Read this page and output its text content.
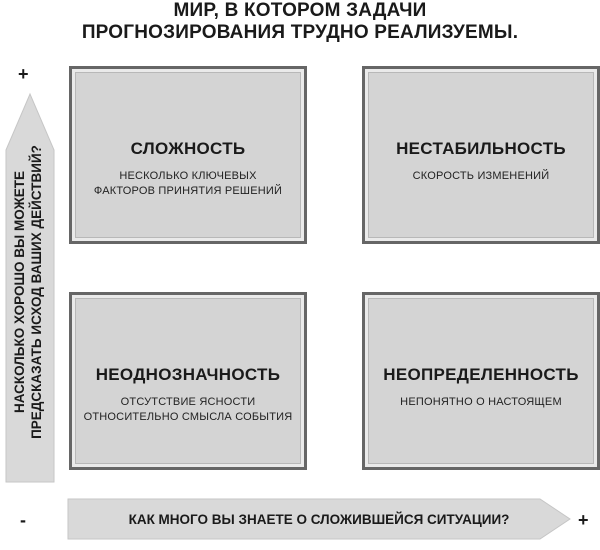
МИР, В КОТОРОМ ЗАДАЧИ
ПРОГНОЗИРОВАНИЯ ТРУДНО РЕАЛИЗУЕМЫ.
НАСКОЛЬКО ХОРОШО ВЫ МОЖЕТЕ ПРЕДСКАЗАТЬ ИСХОД ВАШИХ ДЕЙСТВИЙ?
+
КАК МНОГО ВЫ ЗНАЕТЕ О СЛОЖИВШЕЙСЯ СИТУАЦИИ?
-	+
СЛОЖНОСТЬ
НЕСКОЛЬКО КЛЮЧЕВЫХ
ФАКТОРОВ ПРИНЯТИЯ РЕШЕНИЙ
НЕСТАБИЛЬНОСТЬ
СКОРОСТЬ ИЗМЕНЕНИЙ
НЕОДНОЗНАЧНОСТЬ
ОТСУТСТВИЕ ЯСНОСТИ
ОТНОСИТЕЛЬНО СМЫСЛА СОБЫТИЯ
НЕОПРЕДЕЛЕННОСТЬ
НЕПОНЯТНО О НАСТОЯЩЕМ
